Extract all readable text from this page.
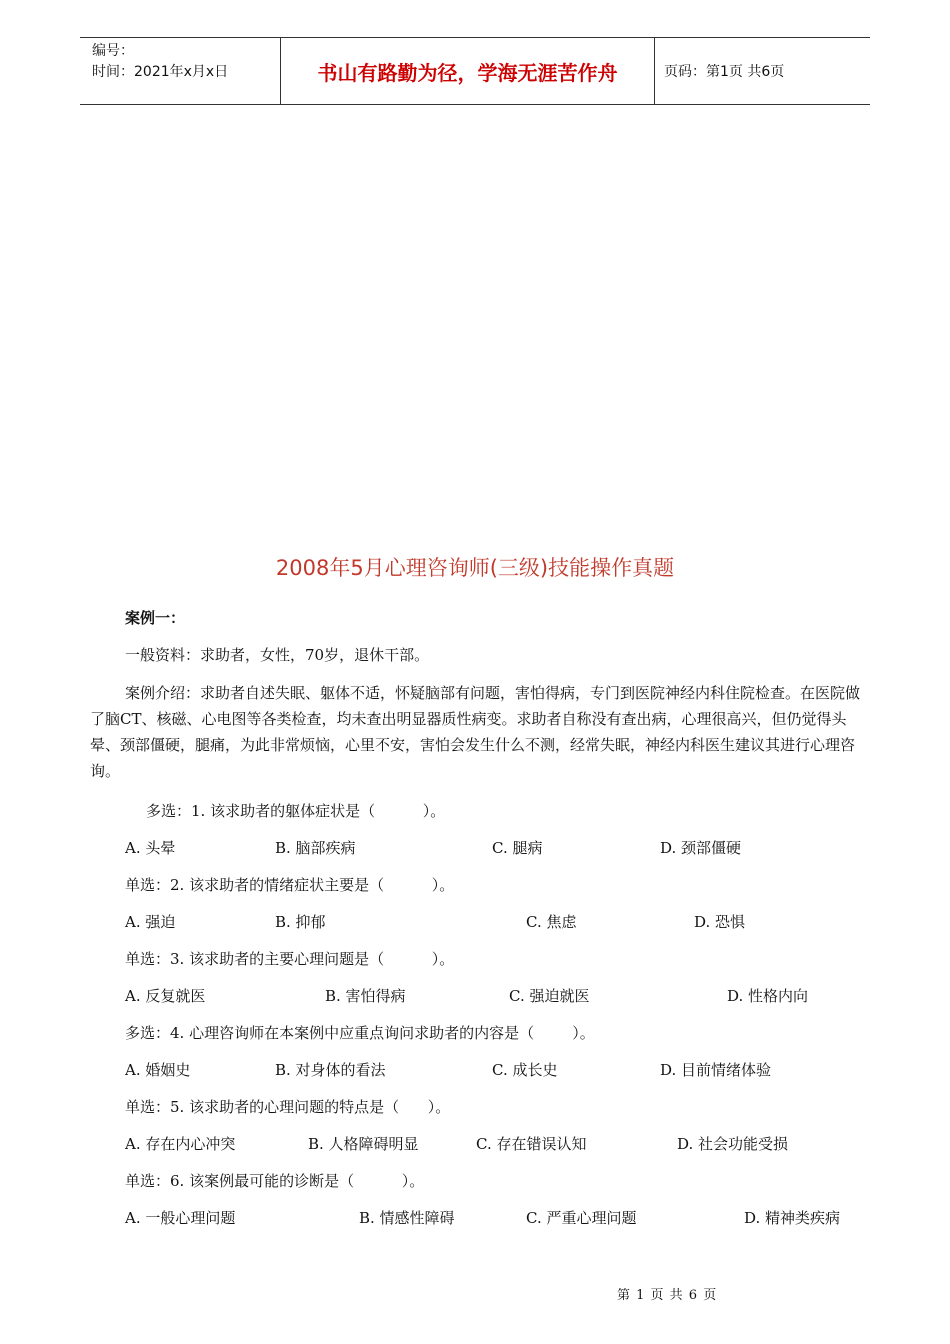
编号：
时间：2021年x月x日	书山有路勤为径，学海无涯苦作舟	页码：第1页 共6页
2008年5月心理咨询师(三级)技能操作真题
案例一：
一般资料：求助者，女性，70岁，退休干部。
案例介绍：求助者自述失眠、躯体不适，怀疑脑部有问题，害怕得病，专门到医院神经内科住院检查。在医院做了脑CT、核磁、心电图等各类检查，均未查出明显器质性病变。求助者自称没有查出病，心理很高兴，但仍觉得头晕、颈部僵硬，腿痛，为此非常烦恼，心里不安，害怕会发生什么不测，经常失眠，神经内科医生建议其进行心理咨询。
多选：1. 该求助者的躯体症状是（          ）。
A. 头晕	B. 脑部疾病	C. 腿病	D. 颈部僵硬
单选：2. 该求助者的情绪症状主要是（          ）。
A. 强迫	B. 抑郁	C. 焦虑	D. 恐惧
单选：3. 该求助者的主要心理问题是（          ）。
A. 反复就医	B. 害怕得病	C. 强迫就医	D. 性格内向
多选：4. 心理咨询师在本案例中应重点询问求助者的内容是（        ）。
A. 婚姻史	B. 对身体的看法	C. 成长史	D. 目前情绪体验
单选：5. 该求助者的心理问题的特点是（      ）。
A. 存在内心冲突	B. 人格障碍明显	C. 存在错误认知	D. 社会功能受损
单选：6. 该案例最可能的诊断是（          ）。
A. 一般心理问题	B. 情感性障碍	C. 严重心理问题	D. 精神类疾病
第 1 页 共 6 页
